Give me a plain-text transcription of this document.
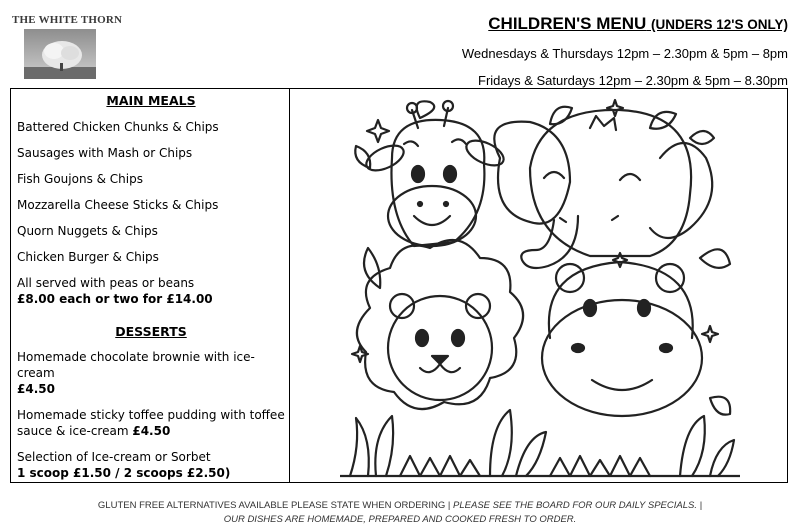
THE WHITE THORN	CHILDREN'S MENU (UNDERS 12'S ONLY)
Wednesdays & Thursdays 12pm – 2.30pm & 5pm – 8pm
Fridays & Saturdays 12pm – 2.30pm & 5pm – 8.30pm
MAIN MEALS
Battered Chicken Chunks & Chips
Sausages with Mash or Chips
Fish Goujons & Chips
Mozzarella Cheese Sticks & Chips
Quorn Nuggets & Chips
Chicken Burger & Chips
All served with peas or beans
£8.00 each or two for £14.00
DESSERTS
Homemade chocolate brownie with ice-cream
£4.50
Homemade sticky toffee pudding with toffee sauce & ice-cream £4.50
Selection of Ice-cream or Sorbet
1 scoop £1.50 / 2 scoops £2.50)
GLUTEN FREE ALTERNATIVES AVAILABLE PLEASE STATE WHEN ORDERING | PLEASE SEE THE BOARD FOR OUR DAILY SPECIALS. |
OUR DISHES ARE HOMEMADE, PREPARED AND COOKED FRESH TO ORDER.
